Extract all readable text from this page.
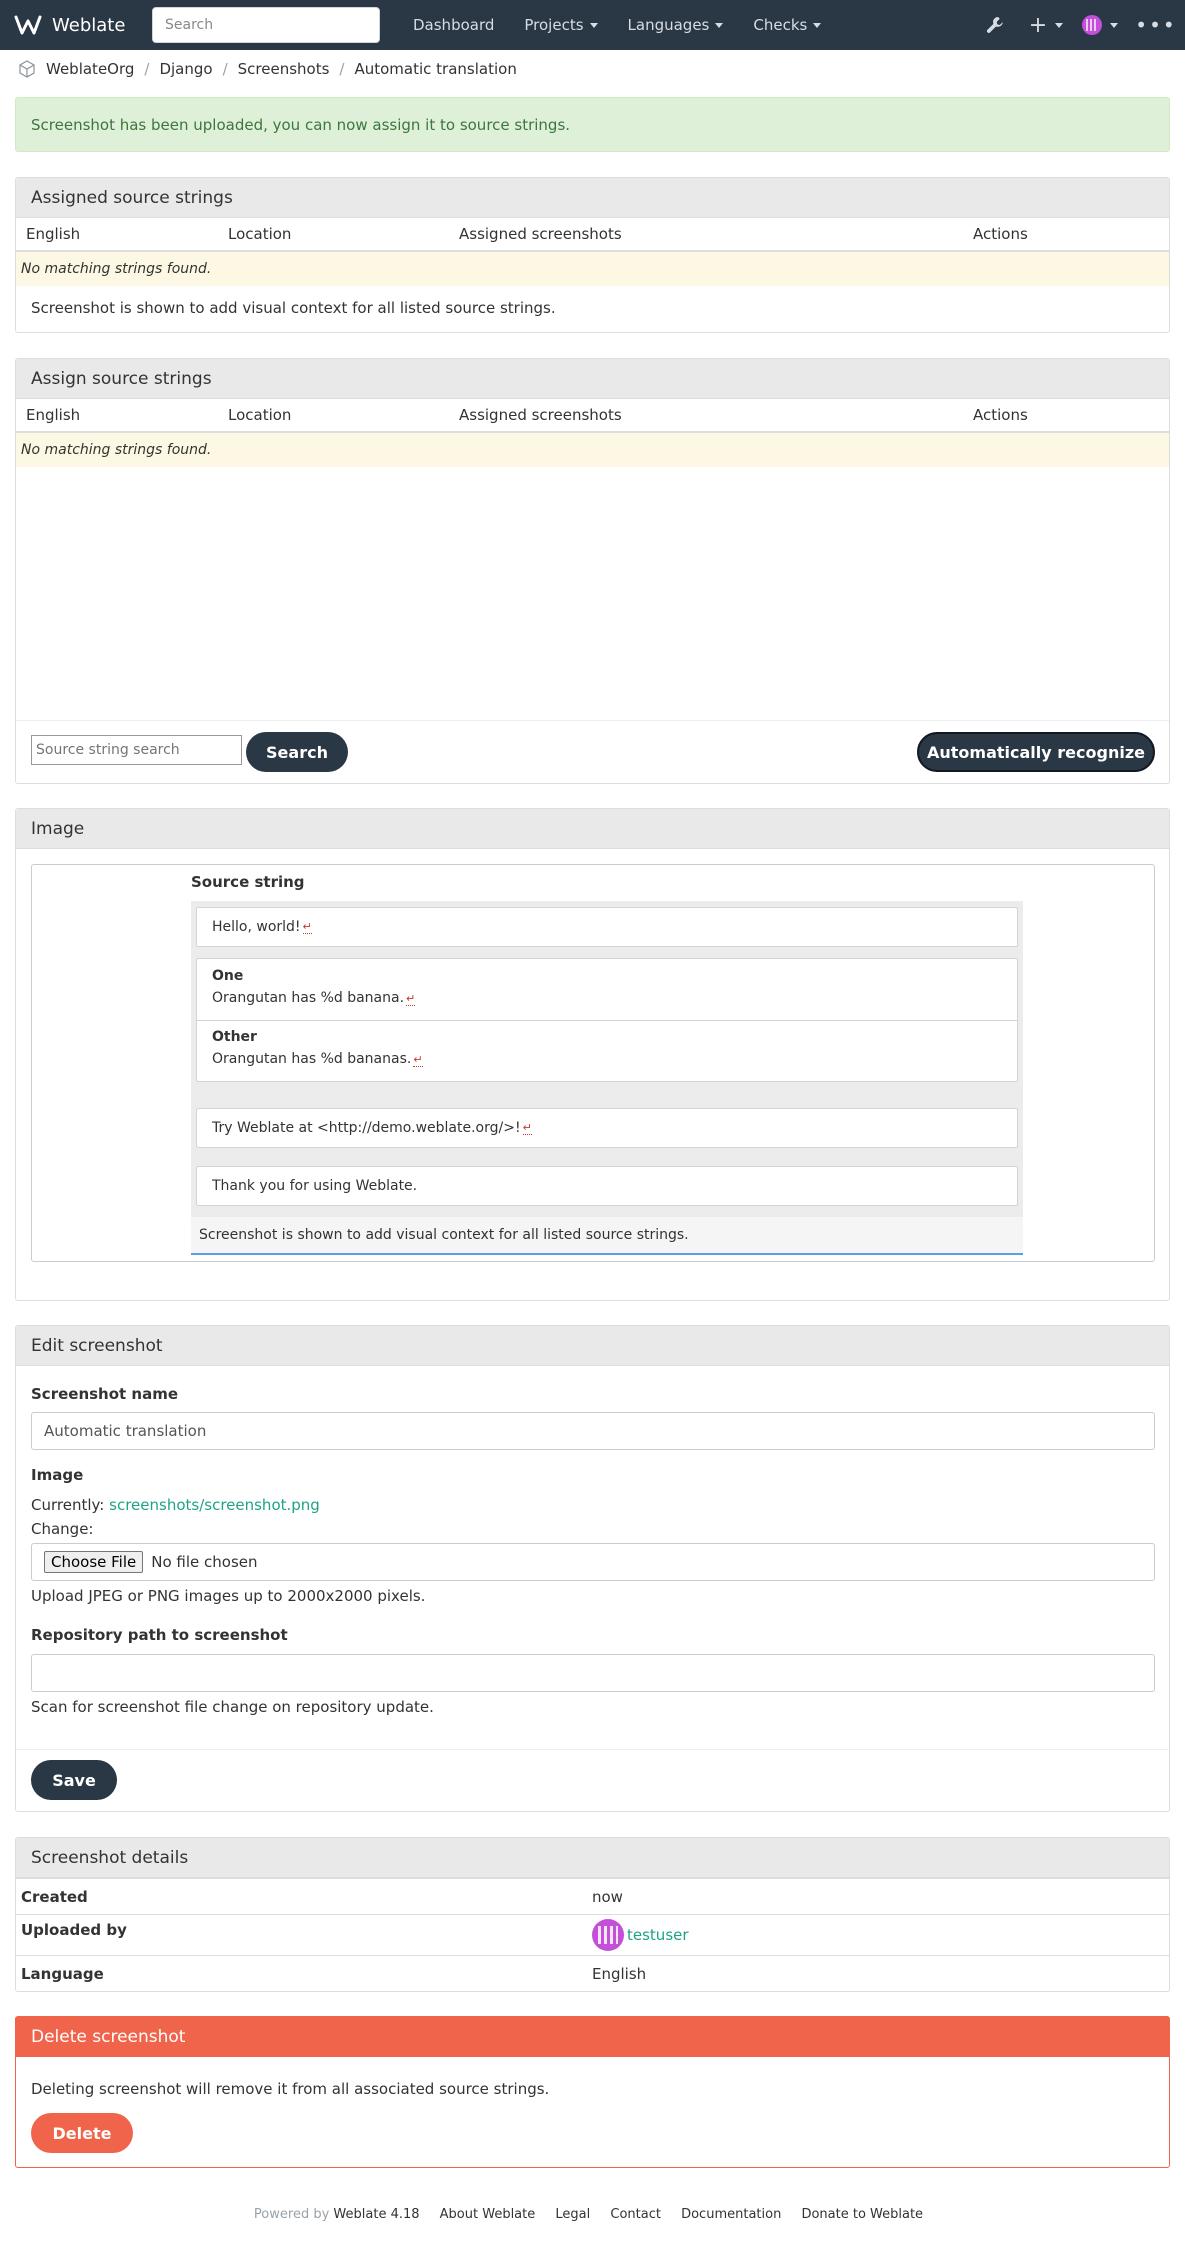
Weblate	Search	Dashboard Projects	Languages	Checks	+	•••
WeblateOrg / Django / Screenshots / Automatic translation
Screenshot has been uploaded, you can now assign it to source strings.
Assigned source strings
English	Location	Assigned screenshots	Actions
No matching strings found.
Screenshot is shown to add visual context for all listed source strings.
Assign source strings
English	Location	Assigned screenshots	Actions
No matching strings found.
Source string search	Search	Automatically recognize
Image
Source string
Hello, world! ↵
One
Orangutan has %d banana. ↵
Other
Orangutan has %d bananas. ↵
Try Weblate at <http://demo.weblate.org/>! ↵
Thank you for using Weblate.
Screenshot is shown to add visual context for all listed source strings.
Edit screenshot
Screenshot name
Automatic translation
Image
Currently: screenshots/screenshot.png
Change:
Choose File	No file chosen
Upload JPEG or PNG images up to 2000x2000 pixels.
Repository path to screenshot
Scan for screenshot file change on repository update.
Save
Screenshot details
Created	now
Uploaded by	testuser
Language	English
Delete screenshot
Deleting screenshot will remove it from all associated source strings.
Delete
Powered by Weblate 4.18 About Weblate Legal Contact Documentation Donate to Weblate
